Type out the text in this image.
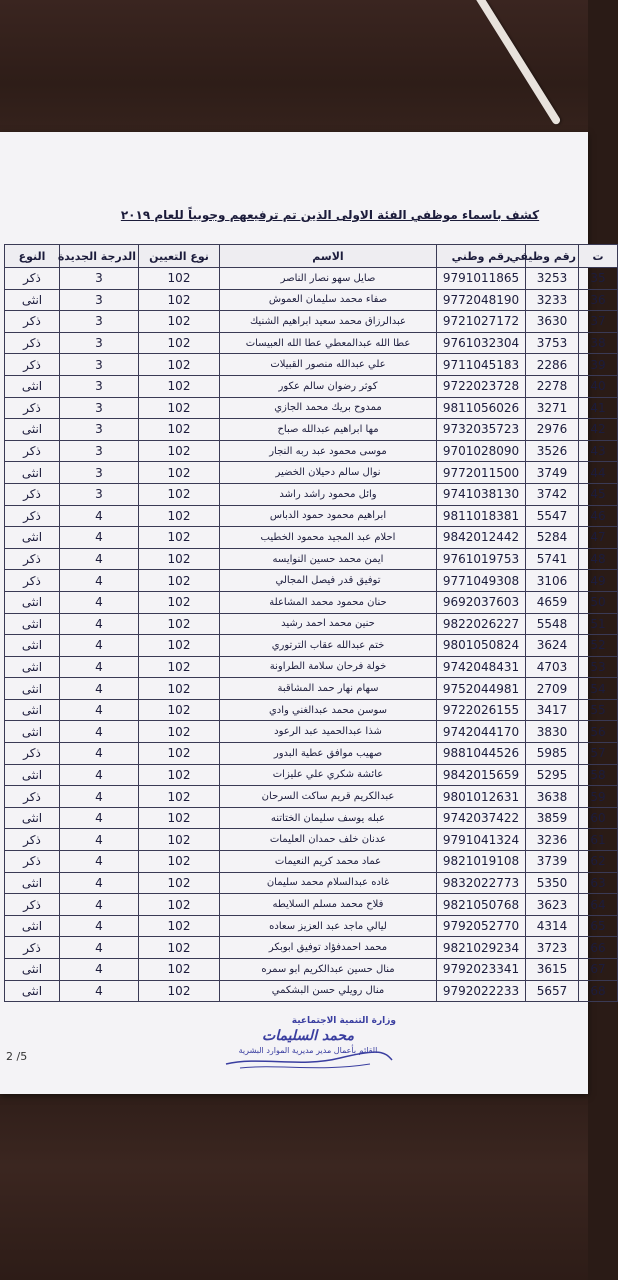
كشف باسماء موظفي الفئة الاولى الذين تم ترفيعهم وجوبياً للعام ٢٠١٩
ت	رقم وظيفي	رقم وطني	الاسم	نوع التعيين	الدرجة الجديدة	النوع
35	3253	9791011865	صايل سهو نصار الناصر	102	3	ذكر
36	3233	9772048190	صفاء محمد سليمان العموش	102	3	انثى
37	3630	9721027172	عبدالرزاق محمد سعيد ابراهيم الشنيك	102	3	ذكر
38	3753	9761032304	عطا الله عبدالمعطي عطا الله العبيسات	102	3	ذكر
39	2286	9711045183	علي عبدالله منصور القبيلات	102	3	ذكر
40	2278	9722023728	كوثر رضوان سالم عكور	102	3	انثى
41	3271	9811056026	ممدوح بريك محمد الجازي	102	3	ذكر
42	2976	9732035723	مها ابراهيم عبدالله صباح	102	3	انثى
43	3526	9701028090	موسى محمود عبد ربه النجار	102	3	ذكر
44	3749	9772011500	نوال سالم دحيلان الخضير	102	3	انثى
45	3742	9741038130	وائل محمود راشد راشد	102	3	ذكر
46	5547	9811018381	ابراهيم محمود حمود الدباس	102	4	ذكر
47	5284	9842012442	احلام عبد المجيد محمود الخطيب	102	4	انثى
48	5741	9761019753	ايمن محمد حسين النوايسه	102	4	ذكر
49	3106	9771049308	توفيق قدر فيصل المجالي	102	4	ذكر
50	4659	9692037603	حنان محمود محمد المشاعلة	102	4	انثى
51	5548	9822026227	حنين محمد احمد رشيد	102	4	انثى
52	3624	9801050824	ختم عبدالله عقاب الترتوري	102	4	انثى
53	4703	9742048431	خولة فرحان سلامة الطراونة	102	4	انثى
54	2709	9752044981	سهام نهار حمد المشاقبة	102	4	انثى
55	3417	9722026155	سوسن محمد عبدالغني وادي	102	4	انثى
56	3830	9742044170	شذا عبدالحميد عبد الرعود	102	4	انثى
57	5985	9881044526	صهيب موافق عطية البدور	102	4	ذكر
58	5295	9842015659	عائشة شكري علي عليزات	102	4	انثى
59	3638	9801012631	عبدالكريم قريم ساكت السرحان	102	4	ذكر
60	3859	9742037422	عبله يوسف سليمان الختاتنه	102	4	انثى
61	3236	9791041324	عدنان خلف حمدان العليمات	102	4	ذكر
62	3739	9821019108	عماد محمد كريم النعيمات	102	4	ذكر
63	5350	9832022773	غاده عبدالسلام محمد سليمان	102	4	انثى
64	3623	9821050768	فلاح محمد مسلم السلايطه	102	4	ذكر
65	4314	9792052770	ليالي ماجد عبد العزيز سعاده	102	4	انثى
66	3723	9821029234	محمد احمدفؤاد توفيق ابوبكر	102	4	ذكر
67	3615	9792023341	منال حسين عبدالكريم ابو سمره	102	4	انثى
68	5657	9792022233	منال رويلي حسن البشكمي	102	4	انثى
وزارة التنمية الاجتماعية
محمد السليمات
القائم بأعمال مدير مديرية الموارد البشرية
2 /5
